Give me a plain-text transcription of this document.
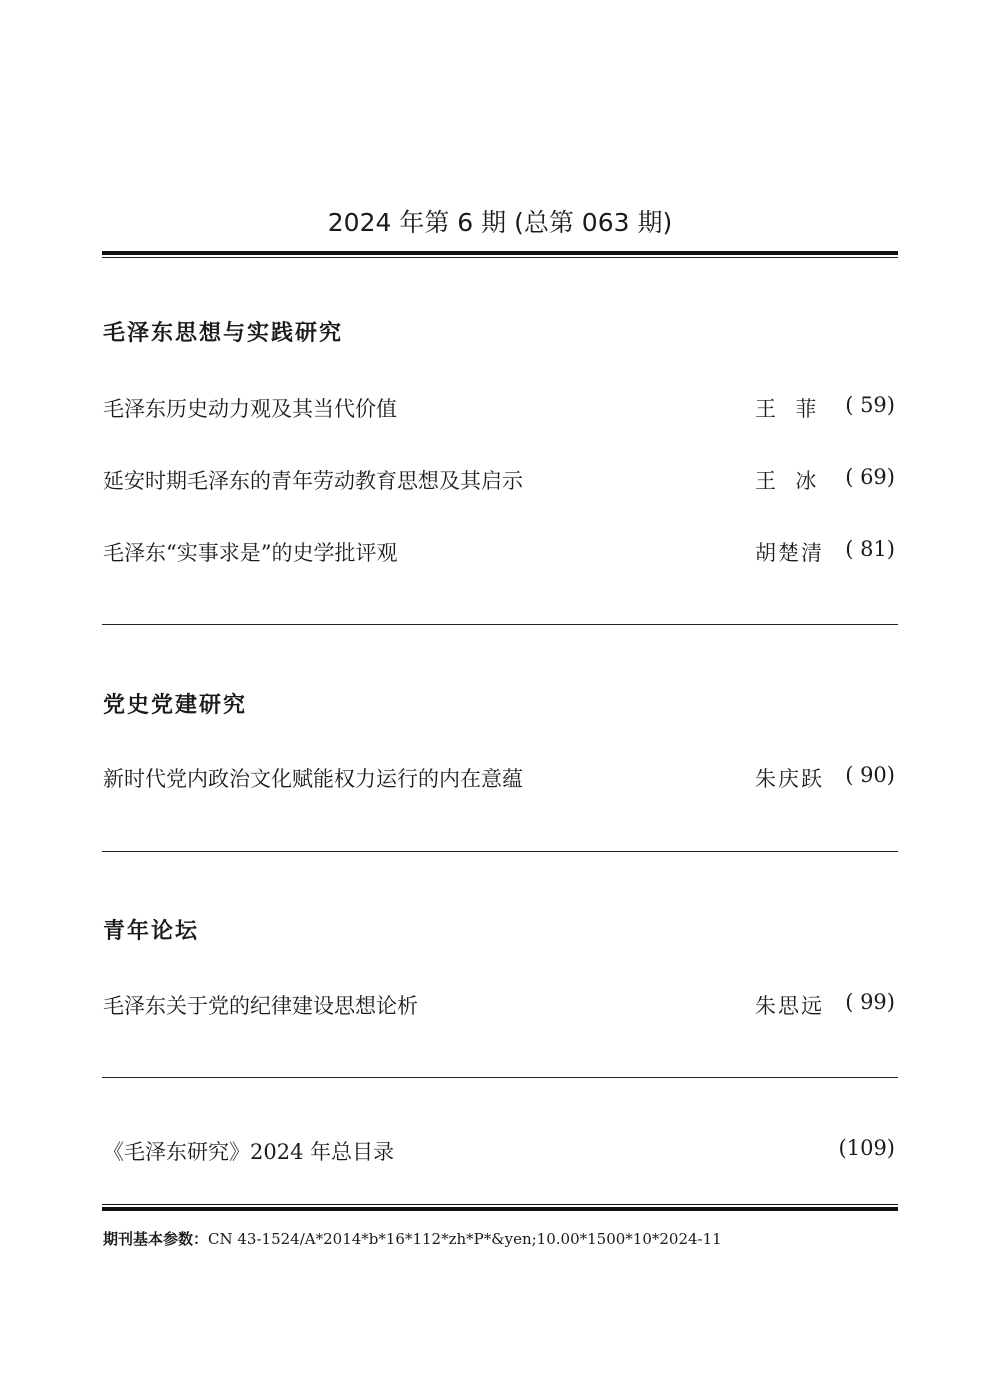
2024 年第 6 期 (总第 063 期)
毛泽东思想与实践研究
毛泽东历史动力观及其当代价值	王  菲 ( 59)
延安时期毛泽东的青年劳动教育思想及其启示	王  冰 ( 69)
毛泽东“实事求是”的史学批评观	胡楚清 ( 81)
党史党建研究
新时代党内政治文化赋能权力运行的内在意蕴	朱庆跃 ( 90)
青年论坛
毛泽东关于党的纪律建设思想论析	朱思远 ( 99)
《毛泽东研究》2024 年总目录	(109)
期刊基本参数：CN 43-1524/A*2014*b*16*112*zh*P*&yen;10.00*1500*10*2024-11
